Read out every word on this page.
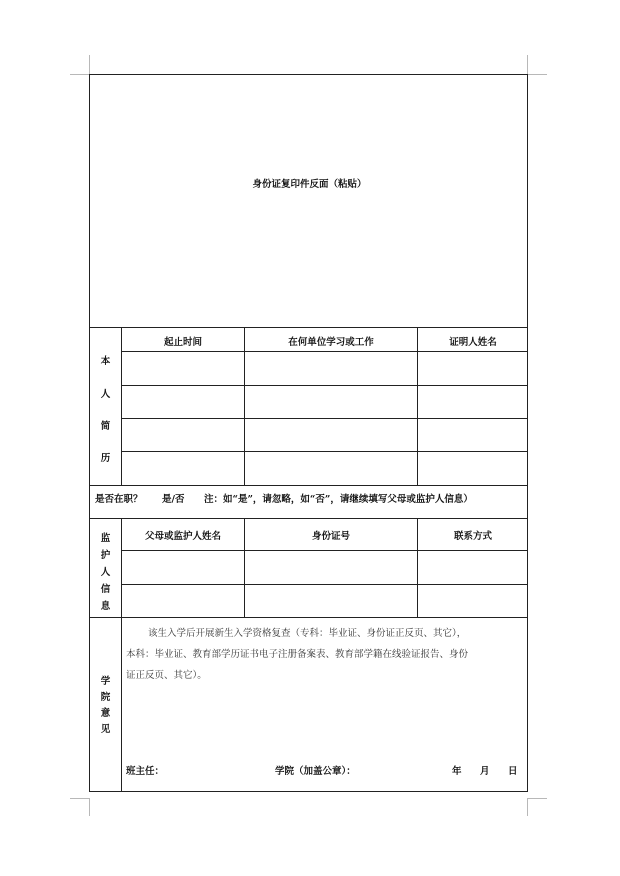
身份证复印件反面（粘贴）
起止时间	在何单位学习或工作	证明人姓名
本
人
简
历
是否在职？ 是/否 注：如“是”，请忽略，如“否”，请继续填写父母或监护人信息）
父母或监护人姓名	身份证号	联系方式
监
护
人
信
息
学
院
意
见
该生入学后开展新生入学资格复查（专科：毕业证、身份证正反页、其它），
本科：毕业证、教育部学历证书电子注册备案表、教育部学籍在线验证报告、身份
证正反页、其它）。
班主任：	学院（加盖公章）：	年 月 日
